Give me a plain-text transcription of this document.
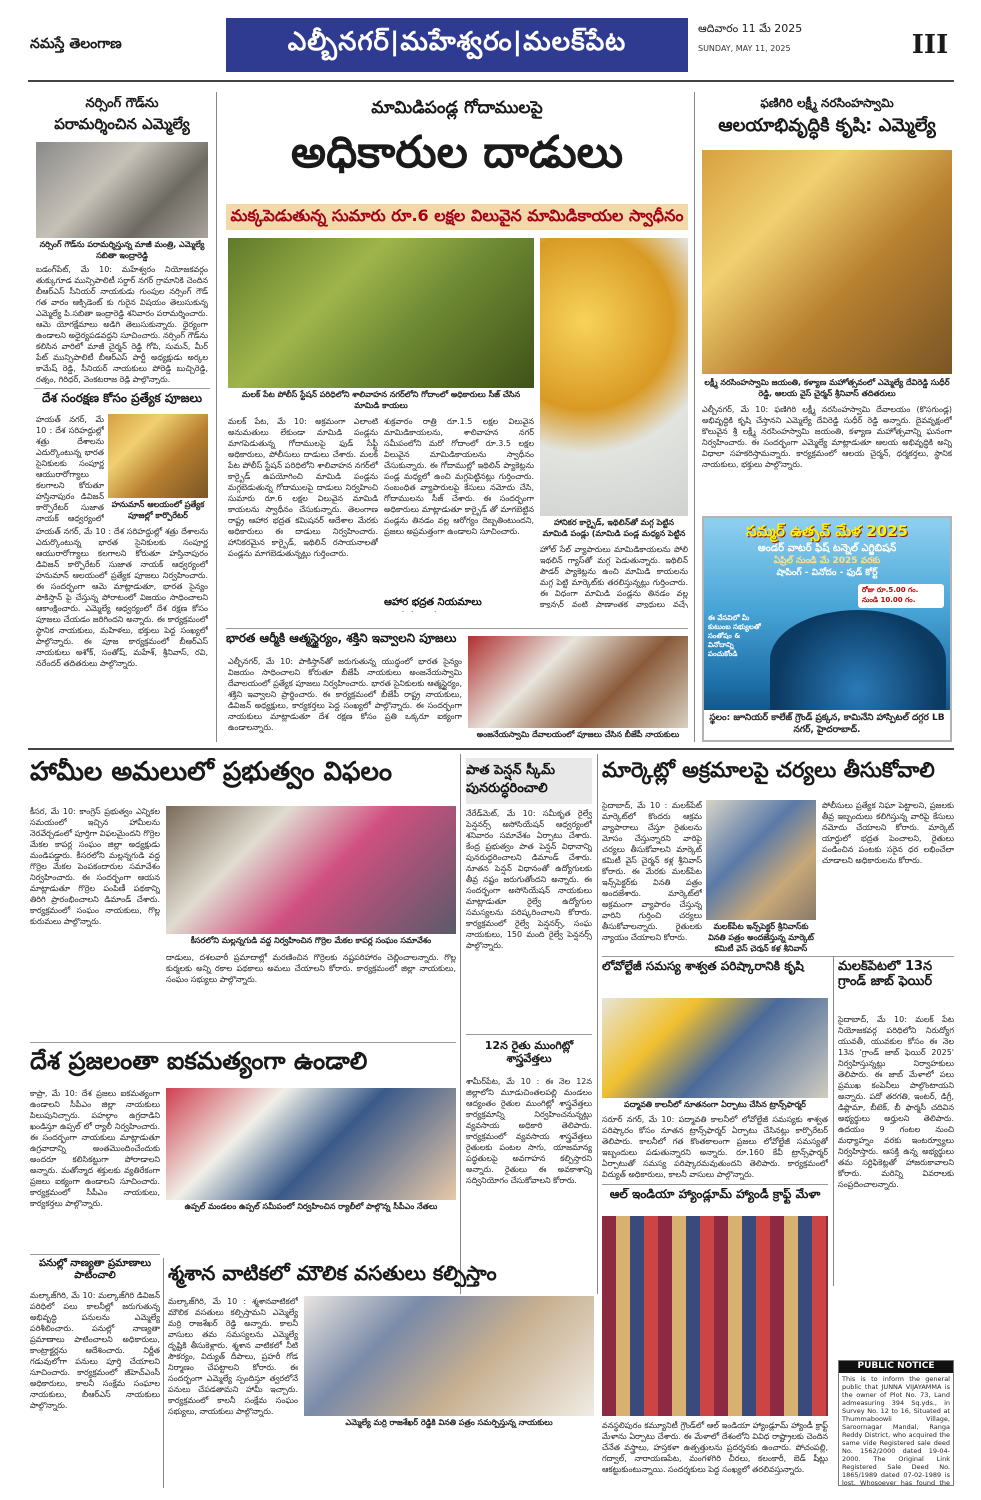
నమస్తే తెలంగాణ	ఎల్బీనగర్|మహేశ్వరం|మలక్‌పేట	ఆదివారం 11 మే 2025
SUNDAY, MAY 11, 2025	III
నర్సింగ్ గౌడ్‌ను
పరామర్శించిన ఎమ్మెల్యే
నర్సింగ్ గౌడ్‌ను పరామర్శిస్తున్న మాజీ మంత్రి, ఎమ్మెల్యే సబితా ఇంద్రారెడ్డి
బడంగ్‌పేట్, మే 10: మహేశ్వరం నియోజకవర్గం తుక్కుగూడ మున్సిపాలిటీ సర్దార్ నగర్ గ్రామానికి చెందిన బీఆర్ఎస్ సీనియర్ నాయకుడు గుంపుల నర్సింగ్ గౌడ్ గత వారం ఆక్సిడెంట్ కు గురైన విషయం తెలుసుకున్న ఎమ్మెల్యే పి.సబితా ఇంద్రారెడ్డి శనివారం పరామర్శించారు. ఆమె యోగక్షేమాలు అడిగి తెలుసుకున్నారు. ధైర్యంగా ఉండాలని అధైర్యపడవద్దని సూచించారు. నర్సింగ్ గౌడ్‌ను కలిసిన వారిలో మాజీ చైర్మన్ రెడ్డి గోపి, సుమన్, మీర్ పేట్ మున్సిపాలిటీ బీఆర్ఎస్ పార్టీ అధ్యక్షుడు అర్కల కామేష్ రెడ్డి, సీనియర్ నాయకులు పోరెడ్డి బుచ్చిరెడ్డి, రత్నం, గిరిధర్, వెంకటరాజ రెడ్డి పాల్గొన్నారు.
దేశ సంరక్షణ కోసం ప్రత్యేక పూజలు
హయత్ నగర్, మే 10 : దేశ సరిహద్దుల్లో శత్రు దేశాలను ఎదుర్కొంటున్న భారత సైనికులకు సంపూర్ణ ఆయురారోగ్యాలు కలగాలని కోరుతూ హస్తినాపురం డివిజన్ కార్పొరేటర్ సుజాత నాయక్ ఆధ్వర్యంలో
హనుమాన్ ఆలయంలో ప్రత్యేక పూజల్లో కార్పొరేటర్
హయత్ నగర్, మే 10 : దేశ సరిహద్దుల్లో శత్రు దేశాలను ఎదుర్కొంటున్న భారత సైనికులకు సంపూర్ణ ఆయురారోగ్యాలు కలగాలని కోరుతూ హస్తినాపురం డివిజన్ కార్పొరేటర్ సుజాత నాయక్ ఆధ్వర్యంలో హనుమాన్ ఆలయంలో ప్రత్యేక పూజలు నిర్వహించారు. ఈ సందర్భంగా ఆమె మాట్లాడుతూ, భారత సైన్యం పాకిస్తాన్ పై చేస్తున్న పోరాటంలో విజయం సాధించాలని ఆకాంక్షించారు. ఎమ్మెల్యే ఆధ్వర్యంలో దేశ రక్షణ కోసం పూజలు చేయడం జరిగిందని అన్నారు. ఈ కార్యక్రమంలో స్థానిక నాయకులు, మహిళలు, భక్తులు పెద్ద సంఖ్యలో పాల్గొన్నారు. ఈ పూజ కార్యక్రమంలో బీఆర్ఎస్ నాయకులు అశోక్, సంతోష్, మహేశ్, శ్రీనివాస్, రవి, నరేందర్ తదితరులు పాల్గొన్నారు.
మామిడిపండ్ల గోదాములపై
అధికారుల దాడులు
మక్కపెడుతున్న సుమారు రూ.6 లక్షల విలువైన మామిడికాయల స్వాధీనం
మలక్ పేట పోలీస్ స్టేషన్ పరిధిలోని శాలివాహన నగర్‌లోని గోదాంలో అధికారులు సీజ్ చేసిన మామిడి కాయలు
హానికర కార్బైడ్, ఇథిలిన్‌తో మగ్గ పెట్టిన మామిడి పండ్లు (మామిడి పండ్ల మధ్యన పెట్టిన
మలక్ పేట, మే 10: అక్రమంగా ఎలాంటి అనుమతులు లేకుండా మామిడి పండ్లను మాగపెడుతున్న గోదాములపై ఫుడ్ సేఫ్టీ అధికారులు, పోలీసులు దాడులు చేశారు. మలక్ పేట పోలీస్ స్టేషన్ పరిధిలోని శాలివాహన నగర్‌లో కార్బైడ్ ఉపయోగించి మామిడి పండ్లను మగ్గబెడుతున్న గోదాములపై దాడులు నిర్వహించి సుమారు రూ.6 లక్షల విలువైన మామిడి కాయలను స్వాధీనం చేసుకున్నారు. తెలంగాణ రాష్ట్ర ఆహార భద్రత కమిషనర్ ఆదేశాల మేరకు అధికారులు ఈ దాడులు నిర్వహించారు. హానికరమైన కార్బైడ్, ఇథిలిన్ రసాయనాలతో పండ్లను మాగబెడుతున్నట్లు గుర్తించారు.
శుక్రవారం రాత్రి రూ.1.5 లక్షల విలువైన మామిడికాయలను, శాలివాహన నగర్ సమీపంలోని మరో గోదాంలో రూ.3.5 లక్షల విలువైన మామిడికాయలను స్వాధీనం చేసుకున్నారు. ఈ గోదాముల్లో ఇథిలిన్ ప్యాకెట్లను పండ్ల మధ్యలో ఉంచి మగ్గపెట్టినట్లు గుర్తించారు. సంబంధిత వ్యాపారులపై కేసులు నమోదు చేసి, గోదాములను సీజ్ చేశారు. ఈ సందర్భంగా అధికారులు మాట్లాడుతూ కార్బైడ్ తో మాగబెట్టిన పండ్లను తినడం వల్ల ఆరోగ్యం దెబ్బతింటుందని, ప్రజలు అప్రమత్తంగా ఉండాలని సూచించారు.
హోల్ సేల్ వ్యాపారులు మామిడికాయలను పోలి ఇథలిన్ గ్యాస్‌తో మగ్గ పెడుతున్నారు. ఇథిలిన్ పౌడర్ ప్యాకెట్లను ఉంచి మామిడి కాయలను మగ్గ పెట్టి మార్కెట్‌కు తరలిస్తున్నట్లు గుర్తించారు. ఈ విధంగా మామిడి పండ్లను తినడం వల్ల క్యాన్సర్ వంటి ప్రాణాంతక వ్యాధులు వచ్చే
ఆహార భద్రత నియమాలు
భారత ఆర్మీకి ఆత్మస్థైర్యం, శక్తిని ఇవ్వాలని పూజలు
ఎల్బీనగర్, మే 10: పాకిస్తాన్‌తో జరుగుతున్న యుద్ధంలో భారత సైన్యం విజయం సాధించాలని కోరుతూ బీజేపీ నాయకులు అంజనేయస్వామి దేవాలయంలో ప్రత్యేక పూజలు నిర్వహించారు. భారత సైనికులకు ఆత్మస్థైర్యం, శక్తిని ఇవ్వాలని ప్రార్థించారు. ఈ కార్యక్రమంలో బీజేపీ రాష్ట్ర నాయకులు, డివిజన్ అధ్యక్షులు, కార్యకర్తలు పెద్ద సంఖ్యలో పాల్గొన్నారు. ఈ సందర్భంగా నాయకులు మాట్లాడుతూ దేశ రక్షణ కోసం ప్రతి ఒక్కరూ ఐక్యంగా ఉండాలన్నారు.
అంజనేయస్వామి దేవాలయంలో పూజలు చేసిన బీజేపీ నాయకులు
ఫణిగిరి లక్ష్మీ నరసింహస్వామి
ఆలయాభివృద్ధికి కృషి: ఎమ్మెల్యే
లక్ష్మీ నరసింహస్వామి జయంతి, కళ్యాణ మహోత్సవంలో ఎమ్మెల్యే దేవిరెడ్డి సుధీర్ రెడ్డి, ఆలయ వైస్ చైర్మన్ శ్రీనివాస్ తదితరులు
ఎల్బీనగర్, మే 10: ఫణిగిరి లక్ష్మీ నరసింహస్వామి దేవాలయం (కొసగుండ్ల) అభివృద్ధికి కృషి చేస్తానని ఎమ్మెల్యే దేవిరెడ్డి సుధీర్ రెడ్డి అన్నారు. దైవవృక్షంలో కొలువైన శ్రీ లక్ష్మీ నరసింహస్వామి జయంతి, కళ్యాణ మహోత్సవాన్ని ఘనంగా నిర్వహించారు. ఈ సందర్భంగా ఎమ్మెల్యే మాట్లాడుతూ ఆలయ అభివృద్ధికి అన్ని విధాలా సహకరిస్తామన్నారు. కార్యక్రమంలో ఆలయ చైర్మన్, ధర్మకర్తలు, స్థానిక నాయకులు, భక్తులు పాల్గొన్నారు.
సమ్మర్ ఉత్సవ్ మేళ 2025
అండర్ వాటర్ ఫిష్ టన్నెల్ ఎగ్జిబిషన్
ఏప్రిల్ నుండి మే 2025 వరకు
షాపింగ్ - వినోదం - ఫుడ్ కోర్ట్
రోజు రూ.5.00 గం.
నుండి 10.00 గం.
ఈ వేసవిలో మీ కుటుంబ సభ్యులతో సంతోషం & వినోదాన్ని పంచుకోండి
స్థలం: జూనియర్ కాలేజ్ గ్రౌండ్ ప్రక్కన, కామినేని హాస్పిటల్ దగ్గర LB నగర్, హైదరాబాద్.
హామీల అమలులో ప్రభుత్వం విఫలం
కీసర, మే 10: కాంగ్రెస్ ప్రభుత్వం ఎన్నికల సమయంలో ఇచ్చిన హామీలను నెరవేర్చడంలో పూర్తిగా విఫలమైందని గొర్రెల మేకల కాపర్ల సంఘం జిల్లా అధ్యక్షుడు మండిపడ్డారు. కీసరలోని మల్లన్నగుడి వద్ద గొర్రెల మేకల పెంపకందారుల సమావేశం నిర్వహించారు. ఈ సందర్భంగా ఆయన మాట్లాడుతూ గొర్రెల పంపిణీ పథకాన్ని తిరిగి ప్రారంభించాలని డిమాండ్ చేశారు. కార్యక్రమంలో సంఘం నాయకులు, గొల్ల కురుమలు పాల్గొన్నారు.
కీసరలోని మల్లన్నగుడి వద్ద నిర్వహించిన గొర్రెల మేకల కాపర్ల సంఘం సమావేశం
దాడులు, దశలవారీ ప్రమాదాల్లో మరణించిన గొర్రెలకు నష్టపరిహారం చెల్లించాలన్నారు. గొల్ల కుర్మలకు అన్ని రకాల పథకాలు అమలు చేయాలని కోరారు. కార్యక్రమంలో జిల్లా నాయకులు, సంఘం సభ్యులు పాల్గొన్నారు.
పాత పెన్షన్ స్కీమ్ పునరుద్ధరించాలి
నేరేడ్‌మెట్, మే 10: సమీకృత రైల్వే పెన్షనర్స్ అసోసియేషన్ ఆధ్వర్యంలో శనివారం సమావేశం ఏర్పాటు చేశారు. కేంద్ర ప్రభుత్వం పాత పెన్షన్ విధానాన్ని పునరుద్ధరించాలని డిమాండ్ చేశారు. నూతన పెన్షన్ విధానంతో ఉద్యోగులకు తీవ్ర నష్టం జరుగుతోందని అన్నారు. ఈ సందర్భంగా అసోసియేషన్ నాయకులు మాట్లాడుతూ రైల్వే ఉద్యోగుల సమస్యలను పరిష్కరించాలని కోరారు. కార్యక్రమంలో రైల్వే పెన్షనర్స్, సంఘ నాయకులు, 150 మంది రైల్వే పెన్షనర్స్ పాల్గొన్నారు.
12న రైతు ముంగిట్లో శాస్త్రవేత్తలు
శామీర్‌పేట, మే 10 : ఈ నెల 12న జిల్లాలోని మూడుచింతలపల్లి మండలం ఆద్యంతం రైతుల ముంగిట్లో శాస్త్రవేత్తలు కార్యక్రమాన్ని నిర్వహించనున్నట్లు వ్యవసాయ అధికారి తెలిపారు. కార్యక్రమంలో వ్యవసాయ శాస్త్రవేత్తలు రైతులకు పంటల సాగు, యాజమాన్య పద్ధతులపై అవగాహన కల్పిస్తారని అన్నారు. రైతులు ఈ అవకాశాన్ని సద్వినియోగం చేసుకోవాలని కోరారు.
మార్కెట్లో అక్రమాలపై చర్యలు తీసుకోవాలి
సైదాబాద్, మే 10 : మలక్‌పేట్ మార్కెట్‌లో కొందరు ఆక్రమ వ్యాపారాలు చేస్తూ రైతులను మోసం చేస్తున్నారని వారిపై చర్యలు తీసుకోవాలని మార్కెట్ కమిటీ వైస్ చైర్మన్ కళ్ల శ్రీనివాస్ కోరారు. ఈ మేరకు మలక్‌పేట ఇన్స్‌పెక్టర్‌కు వినతి పత్రం అందజేశారు. మార్కెట్‌లో అక్రమంగా వ్యాపారం చేస్తున్న వారిని గుర్తించి చర్యలు తీసుకోవాలన్నారు. రైతులకు న్యాయం చేయాలని కోరారు.
మలక్‌పేట ఇన్స్‌పెక్టర్ శ్రీనివాస్‌కు వినతి పత్రం అందజేస్తున్న మార్కెట్ కమిటీ వైస్ చైర్మన్ కళ్ల శ్రీనివాస్
పోలీసులు ప్రత్యేక నిఘా పెట్టాలని, ప్రజలకు తీవ్ర ఇబ్బందులు కలిగిస్తున్న వారిపై కేసులు నమోదు చేయాలని కోరారు. మార్కెట్ యార్డులో భద్రత పెంచాలని, రైతులు పండించిన పంటకు సరైన ధర లభించేలా చూడాలని అధికారులను కోరారు.
లోవోల్టేజీ సమస్య శాశ్వత పరిష్కారానికి కృషి
పద్మావతి కాలనీలో నూతనంగా ఏర్పాటు చేసిన ట్రాన్స్‌ఫార్మర్
సరూర్ నగర్, మే 10: పద్మావతి కాలనీలో లోవోల్టేజీ సమస్యకు శాశ్వత పరిష్కారం కోసం నూతన ట్రాన్స్‌ఫార్మర్ ఏర్పాటు చేసినట్లు కార్పొరేటర్ తెలిపారు. కాలనీలో గత కొంతకాలంగా ప్రజలు లోవోల్టేజీ సమస్యతో ఇబ్బందులు పడుతున్నారని అన్నారు. రూ.160 కేవీ ట్రాన్స్‌ఫార్మర్ ఏర్పాటుతో సమస్య పరిష్కారమవుతుందని తెలిపారు. కార్యక్రమంలో విద్యుత్ అధికారులు, కాలనీ వాసులు పాల్గొన్నారు.
మలక్‌పేటలో 13న గ్రాండ్ జాబ్ ఫెయిర్
సైదాబాద్, మే 10: మలక్ పేట నియోజకవర్గ పరిధిలోని నిరుద్యోగ యువతీ, యువకుల కోసం ఈ నెల 13న 'గ్రాండ్ జాబ్ ఫెయిర్ 2025' నిర్వహిస్తున్నట్లు నిర్వాహకులు తెలిపారు. ఈ జాబ్ మేళాలో పలు ప్రముఖ కంపెనీలు పాల్గొంటాయని అన్నారు. పదో తరగతి, ఇంటర్, డిగ్రీ, డిప్లొమా, బీటెక్, బీ ఫార్మసీ చదివిన అభ్యర్థులు అర్హులని తెలిపారు. ఉదయం 9 గంటల నుంచి మధ్యాహ్నం వరకు ఇంటర్వ్యూలు నిర్వహిస్తారు. ఆసక్తి ఉన్న అభ్యర్థులు తమ సర్టిఫికెట్లతో హాజరుకావాలని కోరారు. మరిన్ని వివరాలకు సంప్రదించాలన్నారు.
ఆల్ ఇండియా హ్యాండ్లూమ్ హ్యాండీ క్రాఫ్ట్ మేళా
దేశ ప్రజలంతా ఐకమత్యంగా ఉండాలి
కాప్రా, మే 10: దేశ ప్రజలు ఐకమత్యంగా ఉండాలని సీపీఎం జిల్లా నాయకులు పిలుపునిచ్చారు. పహల్గాం ఉగ్రదాడిని ఖండిస్తూ ఉప్పల్ లో ర్యాలీ నిర్వహించారు. ఈ సందర్భంగా నాయకులు మాట్లాడుతూ ఉగ్రవాదాన్ని అంతమొందించేందుకు అందరూ కలిసికట్టుగా పోరాడాలని అన్నారు. మతోన్మాద శక్తులకు వ్యతిరేకంగా ప్రజలు ఐక్యంగా ఉండాలని సూచించారు. కార్యక్రమంలో సీపీఎం నాయకులు, కార్యకర్తలు పాల్గొన్నారు.	ఉప్పల్ మండలం ఉప్పల్ సమీపంలో నిర్వహించిన ర్యాలీలో పాల్గొన్న సీపీఎం నేతలు
పనుల్లో నాణ్యతా ప్రమాణాలు పాటించాలి
మల్కాజ్‌గిరి, మే 10: మల్కాజ్‌గిరి డివిజన్ పరిధిలో పలు కాలనీల్లో జరుగుతున్న అభివృద్ధి పనులను ఎమ్మెల్యే పరిశీలించారు. పనుల్లో నాణ్యతా ప్రమాణాలు పాటించాలని అధికారులు, కాంట్రాక్టర్లను ఆదేశించారు. నిర్ణీత గడువులోగా పనులు పూర్తి చేయాలని సూచించారు. కార్యక్రమంలో జీహెచ్ఎంసీ అధికారులు, కాలనీ సంక్షేమ సంఘాల నాయకులు, బీఆర్ఎస్ నాయకులు పాల్గొన్నారు.
శ్మశాన వాటికలో మౌలిక వసతులు కల్పిస్తాం
మల్కాజ్‌గిరి, మే 10 : శ్మశానవాటికలో మౌలిక వసతులు కల్పిస్తామని ఎమ్మెల్యే మర్రి రాజశేఖర్ రెడ్డి అన్నారు. కాలనీ వాసులు తమ సమస్యలను ఎమ్మెల్యే దృష్టికి తీసుకెళ్లారు. శ్మశాన వాటికలో నీటి సౌకర్యం, విద్యుత్ దీపాలు, ప్రహరీ గోడ నిర్మాణం చేపట్టాలని కోరారు. ఈ సందర్భంగా ఎమ్మెల్యే స్పందిస్తూ త్వరలోనే పనులు చేపడతామని హామీ ఇచ్చారు. కార్యక్రమంలో కాలనీ సంక్షేమ సంఘం సభ్యులు, నాయకులు పాల్గొన్నారు.
ఎమ్మెల్యే మర్రి రాజశేఖర్ రెడ్డికి వినతి పత్రం సమర్పిస్తున్న నాయకులు	వనస్థలిపురం కమ్యూనిటీ గ్రౌండ్‌లో ఆల్ ఇండియా హ్యాండ్లూమ్ హ్యాండీ క్రాఫ్ట్ మేళాను ఏర్పాటు చేశారు. ఈ మేళాలో దేశంలోని వివిధ రాష్ట్రాలకు చెందిన చేనేత వస్త్రాలు, హస్తకళా ఉత్పత్తులను ప్రదర్శనకు ఉంచారు. పోచంపల్లి, గద్వాల్, నారాయణపేట, మంగళగిరి చీరలు, కలంకారీ, బెడ్ షీట్లు ఆకట్టుకుంటున్నాయి. సందర్శకులు పెద్ద సంఖ్యలో తరలివస్తున్నారు.
PUBLIC NOTICE
This is to inform the general public that JUNNA VIJAYAMMA is the owner of Plot No. 73, Land admeasuring 394 Sq.yds., in Survey No. 12 to 16, Situated at Thummaboowli Village, Saroornagar Mandal, Ranga Reddy District, who acquired the same vide Registered sale deed No. 1562/2000 dated 19-04-2000. The Original Link Registered Sale Deed No. 1865/1989 dated 07-02-1989 is lost. Whosoever has found the
